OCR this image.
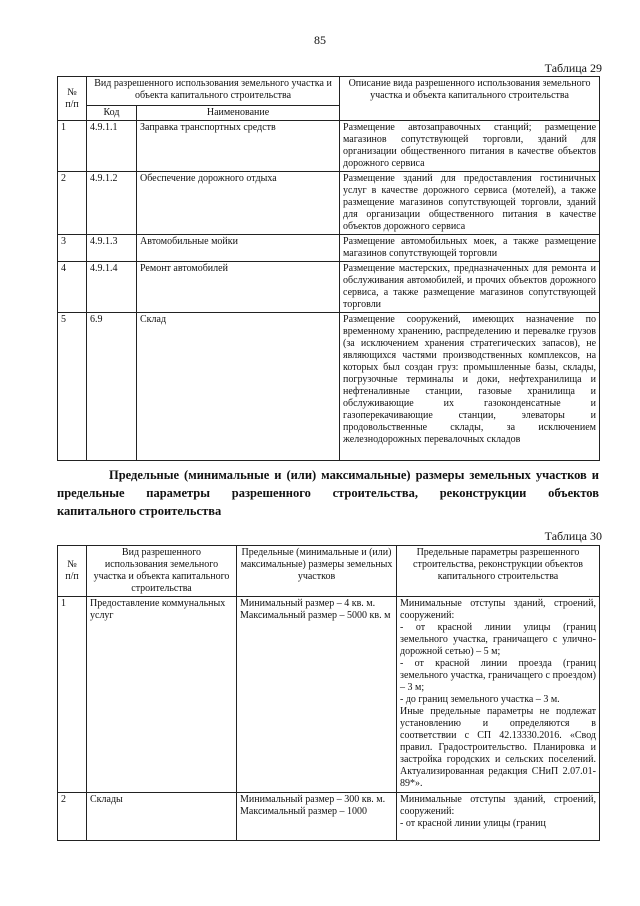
85
Таблица 29
№
п/п	Вид разрешенного использования земельного участка и объекта капитального строительства		Описание вида разрешенного использования земельного участка и объекта капитального строительства
	Код	Наименование	
1	4.9.1.1	Заправка транспортных средств	Размещение автозаправочных станций; размещение магазинов сопутствующей торговли, зданий для организации общественного питания в качестве объектов дорожного сервиса
2	4.9.1.2	Обеспечение дорожного отдыха	Размещение зданий для предоставления гостиничных услуг в качестве дорожного сервиса (мотелей), а также размещение магазинов сопутствующей торговли, зданий для организации общественного питания в качестве объектов дорожного сервиса
3	4.9.1.3	Автомобильные мойки	Размещение автомобильных моек, а также размещение магазинов сопутствующей торговли
4	4.9.1.4	Ремонт автомобилей	Размещение мастерских, предназначенных для ремонта и обслуживания автомобилей, и прочих объектов дорожного сервиса, а также размещение магазинов сопутствующей торговли
5	6.9	Склад	Размещение сооружений, имеющих назначение по временному хранению, распределению и перевалке грузов (за исключением хранения стратегических запасов), не являющихся частями производственных комплексов, на которых был создан груз: промышленные базы, склады, погрузочные терминалы и доки, нефтехранилища и нефтеналивные станции, газовые хранилища и обслуживающие их газоконденсатные и газоперекачивающие станции, элеваторы и продовольственные склады, за исключением железнодорожных перевалочных складов
Предельные (минимальные и (или) максимальные) размеры земельных участков и
предельные параметры разрешенного строительства, реконструкции объектов
капитального строительства
Таблица 30
№
п/п	Вид разрешенного использования земельного участка и объекта капитального строительства	Предельные (минимальные и (или) максимальные) размеры земельных участков	Предельные параметры разрешенного строительства, реконструкции объектов капитального строительства
1	Предоставление коммунальных услуг	Минимальный размер – 4 кв. м.
Максимальный размер – 5000 кв. м	Минимальные отступы зданий, строений, сооружений:
- от красной линии улицы (границ земельного участка, граничащего с улично-дорожной сетью) – 5 м;
- от красной линии проезда (границ земельного участка, граничащего с проездом) – 3 м;
- до границ земельного участка – 3 м.
Иные предельные параметры не подлежат установлению и определяются в соответствии с СП 42.13330.2016. «Свод правил. Градостроительство. Планировка и застройка городских и сельских поселений. Актуализированная редакция СНиП 2.07.01-89*».

2	Склады	Минимальный размер – 300 кв. м.
Максимальный размер – 1000	Минимальные отступы зданий, строений, сооружений:
- от красной линии улицы (границ
